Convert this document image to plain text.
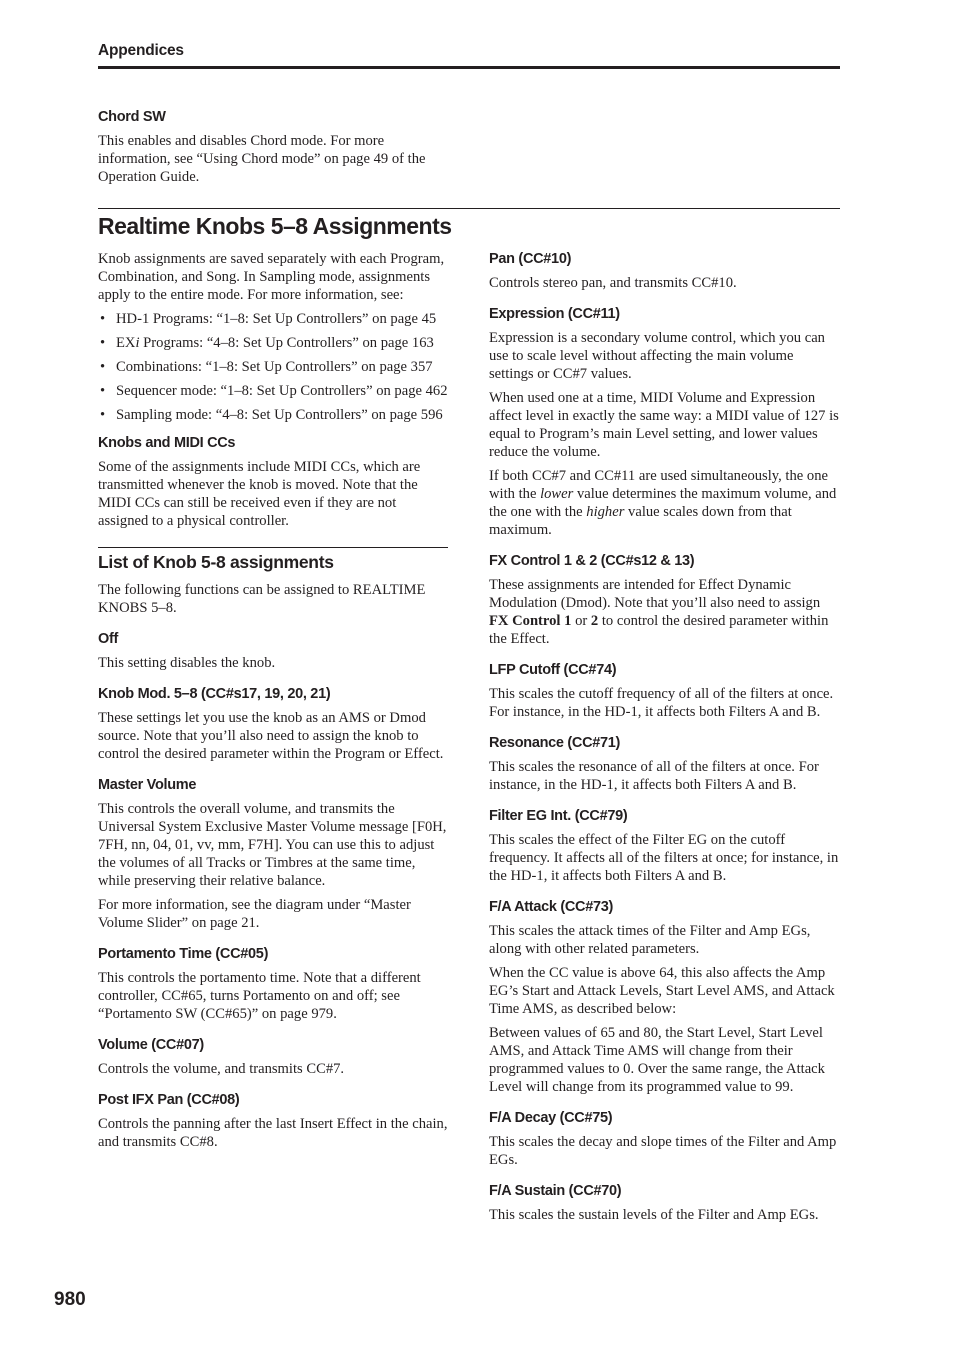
Appendices
Chord SW

This enables and disables Chord mode. For more information, see “Using Chord mode” on page 49 of the Operation Guide.

Realtime Knobs 5–8 Assignments

Knob assignments are saved separately with each Program, Combination, and Song. In Sampling mode, assignments apply to the entire mode. For more information, see:

• HD-1 Programs: “1–8: Set Up Controllers” on page 45
• EXi Programs: “4–8: Set Up Controllers” on page 163
• Combinations: “1–8: Set Up Controllers” on page 357
• Sequencer mode: “1–8: Set Up Controllers” on page 462
• Sampling mode: “4–8: Set Up Controllers” on page 596
Knobs and MIDI CCs

Some of the assignments include MIDI CCs, which are transmitted whenever the knob is moved. Note that the MIDI CCs can still be received even if they are not assigned to a physical controller.

List of Knob 5-8 assignments

The following functions can be assigned to REALTIME KNOBS 5–8.

Off

This setting disables the knob.

Knob Mod. 5–8 (CC#s17, 19, 20, 21)

These settings let you use the knob as an AMS or Dmod source. Note that you’ll also need to assign the knob to control the desired parameter within the Program or Effect.

Master Volume

This controls the overall volume, and transmits the Universal System Exclusive Master Volume message [F0H, 7FH, nn, 04, 01, vv, mm, F7H]. You can use this to adjust the volumes of all Tracks or Timbres at the same time, while preserving their relative balance.

For more information, see the diagram under “Master Volume Slider” on page 21.

Portamento Time (CC#05)

This controls the portamento time. Note that a different controller, CC#65, turns Portamento on and off; see “Portamento SW (CC#65)” on page 979.

Volume (CC#07)

Controls the volume, and transmits CC#7.

Post IFX Pan (CC#08)

Controls the panning after the last Insert Effect in the chain, and transmits CC#8.

Pan (CC#10)

Controls stereo pan, and transmits CC#10.

Expression (CC#11)

Expression is a secondary volume control, which you can use to scale level without affecting the main volume settings or CC#7 values.

When used one at a time, MIDI Volume and Expression affect level in exactly the same way: a MIDI value of 127 is equal to Program’s main Level setting, and lower values reduce the volume.

If both CC#7 and CC#11 are used simultaneously, the one with the lower value determines the maximum volume, and the one with the higher value scales down from that maximum.

FX Control 1 & 2 (CC#s12 & 13)

These assignments are intended for Effect Dynamic Modulation (Dmod). Note that you’ll also need to assign FX Control 1 or 2 to control the desired parameter within the Effect.

LFP Cutoff (CC#74)

This scales the cutoff frequency of all of the filters at once. For instance, in the HD-1, it affects both Filters A and B.

Resonance (CC#71)

This scales the resonance of all of the filters at once. For instance, in the HD-1, it affects both Filters A and B.

Filter EG Int. (CC#79)

This scales the effect of the Filter EG on the cutoff frequency. It affects all of the filters at once; for instance, in the HD-1, it affects both Filters A and B.

F/A Attack (CC#73)

This scales the attack times of the Filter and Amp EGs, along with other related parameters.

When the CC value is above 64, this also affects the Amp EG’s Start and Attack Levels, Start Level AMS, and Attack Time AMS, as described below:

Between values of 65 and 80, the Start Level, Start Level AMS, and Attack Time AMS will change from their programmed values to 0. Over the same range, the Attack Level will change from its programmed value to 99.

F/A Decay (CC#75)

This scales the decay and slope times of the Filter and Amp EGs.

F/A Sustain (CC#70)

This scales the sustain levels of the Filter and Amp EGs.

980
